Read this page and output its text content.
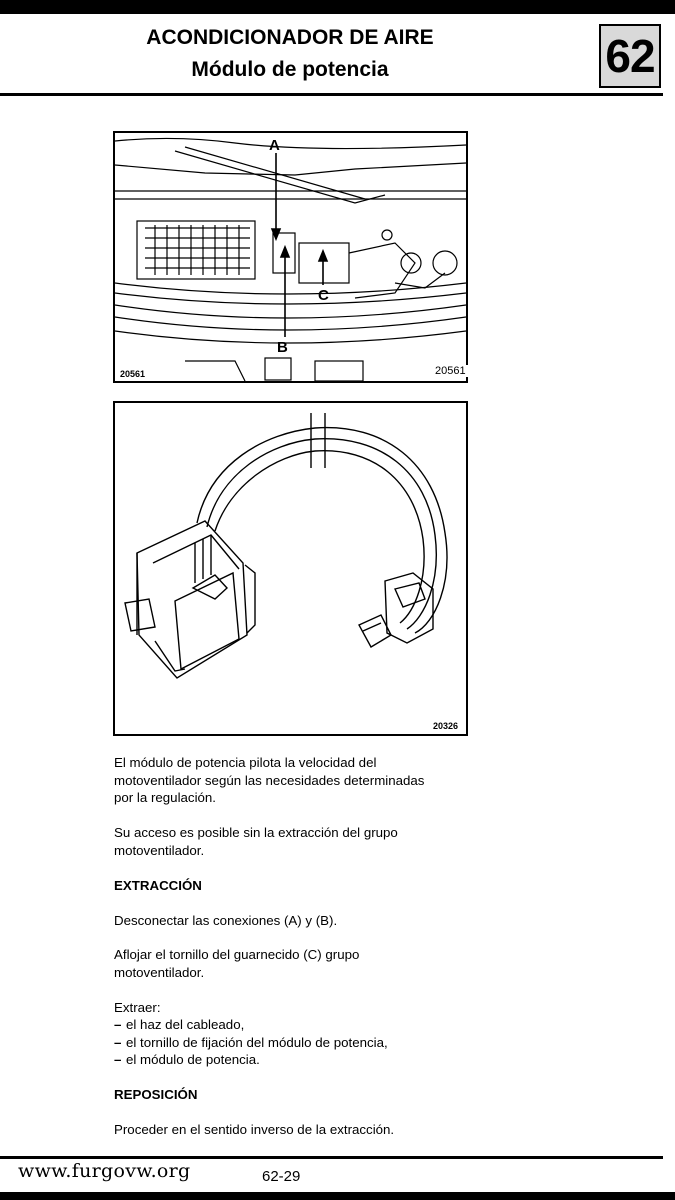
ACONDICIONADOR DE AIRE
Módulo de potencia	62
A
B
C
20561	20561
20326
El módulo de potencia pilota la velocidad del
motoventilador según las necesidades determinadas
por la regulación.
Su acceso es posible sin la extracción del grupo
motoventilador.
EXTRACCIÓN
Desconectar las conexiones (A) y (B).
Aflojar el tornillo del guarnecido (C) grupo
motoventilador.
Extraer:
– el haz del cableado,
– el tornillo de fijación del módulo de potencia,
– el módulo de potencia.
REPOSICIÓN
Proceder en el sentido inverso de la extracción.
www.furgovw.org	62-29
